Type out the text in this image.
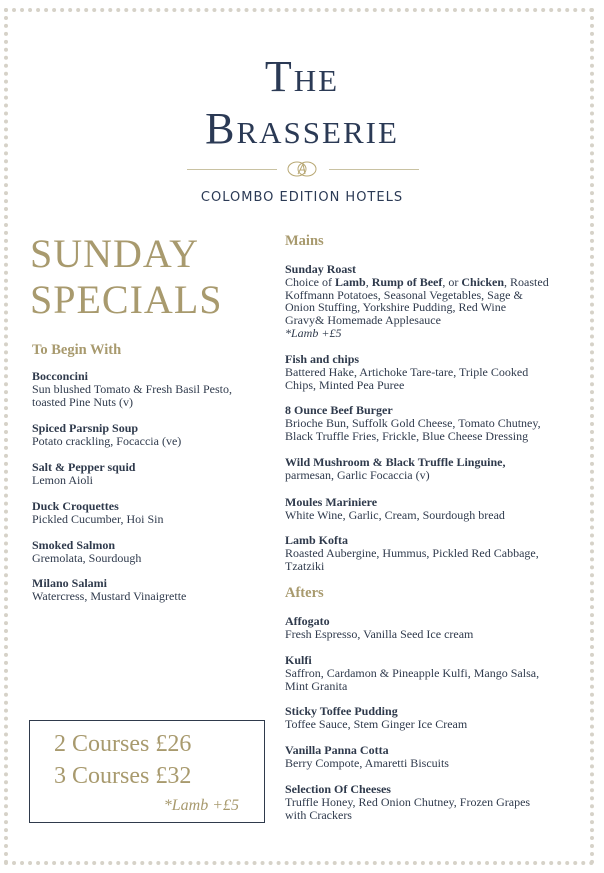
The
Brasserie
COLOMBO EDITION HOTELS
SUNDAY
SPECIALS
To Begin With
Bocconcini
Sun blushed Tomato & Fresh Basil Pesto,
toasted Pine Nuts (v)
Spiced Parsnip Soup
Potato crackling, Focaccia (ve)
Salt & Pepper squid
Lemon Aioli
Duck Croquettes
Pickled Cucumber, Hoi Sin
Smoked Salmon
Gremolata, Sourdough
Milano Salami
Watercress, Mustard Vinaigrette
Mains
Sunday Roast
Choice of Lamb, Rump of Beef, or Chicken, Roasted
Koffmann Potatoes, Seasonal Vegetables, Sage &
Onion Stuffing, Yorkshire Pudding, Red Wine
Gravy& Homemade Applesauce
*Lamb +£5
Fish and chips
Battered Hake, Artichoke Tare-tare, Triple Cooked
Chips, Minted Pea Puree
8 Ounce Beef Burger
Brioche Bun, Suffolk Gold Cheese, Tomato Chutney,
Black Truffle Fries, Frickle, Blue Cheese Dressing
Wild Mushroom & Black Truffle Linguine,
parmesan, Garlic Focaccia (v)
Moules Mariniere
White Wine, Garlic, Cream, Sourdough bread
Lamb Kofta
Roasted Aubergine, Hummus, Pickled Red Cabbage,
Tzatziki
Afters
Affogato
Fresh Espresso, Vanilla Seed Ice cream
Kulfi
Saffron, Cardamon & Pineapple Kulfi, Mango Salsa,
Mint Granita
Sticky Toffee Pudding
Toffee Sauce, Stem Ginger Ice Cream
Vanilla Panna Cotta
Berry Compote, Amaretti Biscuits
Selection Of Cheeses
Truffle Honey, Red Onion Chutney, Frozen Grapes
with Crackers
2 Courses £26
3 Courses £32
*Lamb +£5
